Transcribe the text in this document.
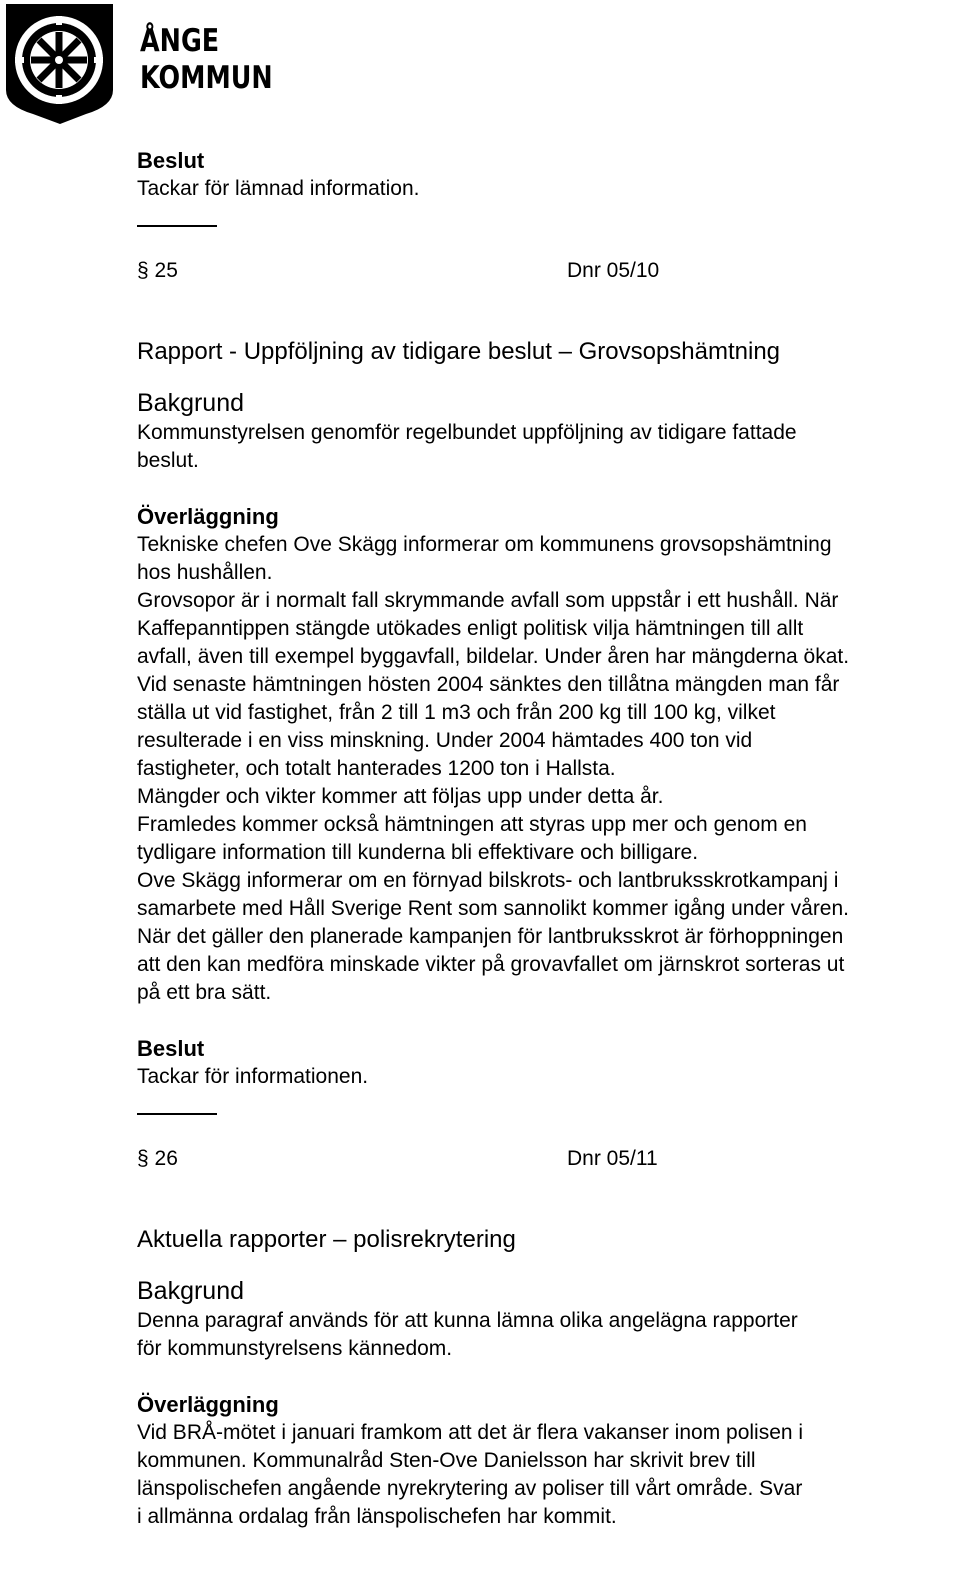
ÅNGE
KOMMUN

Beslut

Tackar för lämnad information.

§ 25	Dnr 05/10

Rapport - Uppföljning av tidigare beslut – Grovsopshämtning

Bakgrund

Kommunstyrelsen genomför regelbundet uppföljning av tidigare fattade

beslut.

Överläggning

Tekniske chefen Ove Skägg informerar om kommunens grovsopshämtning

hos hushållen.

Grovsopor är i normalt fall skrymmande avfall som uppstår i ett hushåll. När

Kaffepanntippen stängde utökades enligt politisk vilja hämtningen till allt

avfall, även till exempel byggavfall, bildelar. Under åren har mängderna ökat.

Vid senaste hämtningen hösten 2004 sänktes den tillåtna mängden man får

ställa ut vid fastighet, från 2 till 1 m3 och från 200 kg till 100 kg, vilket

resulterade i en viss minskning. Under 2004 hämtades 400 ton vid

fastigheter, och totalt hanterades 1200 ton i Hallsta.

Mängder och vikter kommer att följas upp under detta år.

Framledes kommer också hämtningen att styras upp mer och genom en

tydligare information till kunderna bli effektivare och billigare.

Ove Skägg informerar om en förnyad bilskrots- och lantbruksskrotkampanj i

samarbete med Håll Sverige Rent som sannolikt kommer igång under våren.

När det gäller den planerade kampanjen för lantbruksskrot är förhoppningen

att den kan medföra minskade vikter på grovavfallet om järnskrot sorteras ut

på ett bra sätt.

Beslut

Tackar för informationen.

§ 26	Dnr 05/11

Aktuella rapporter – polisrekrytering

Bakgrund

Denna paragraf används för att kunna lämna olika angelägna rapporter

för kommunstyrelsens kännedom.

Överläggning

Vid BRÅ-mötet i januari framkom att det är flera vakanser inom polisen i

kommunen. Kommunalråd Sten-Ove Danielsson har skrivit brev till

länspolischefen angående nyrekrytering av poliser till vårt område. Svar

i allmänna ordalag från länspolischefen har kommit.
